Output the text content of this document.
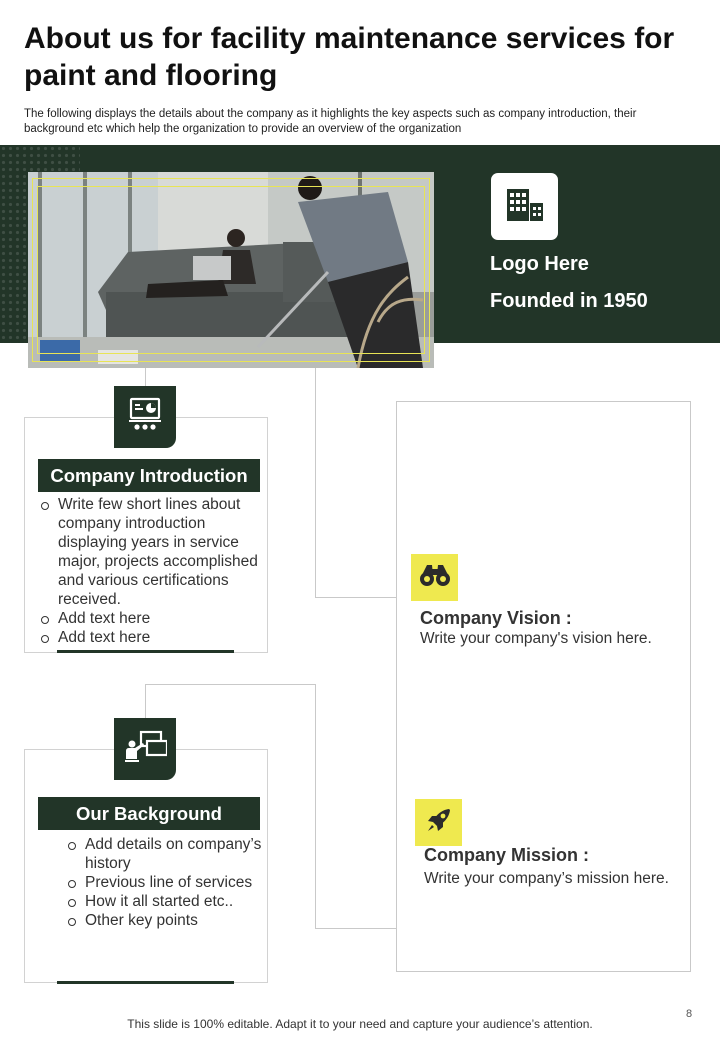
About us for facility maintenance services for paint and flooring
The following displays the details about the company as it highlights the key aspects such as company introduction, their background etc which help the organization to provide an overview of the organization
Logo Here
Founded in 1950
Company Introduction
Write few short lines about company introduction displaying years in service major, projects accomplished and various certifications received.
Add text here
Add text here
Our Background
Add details on company’s history
Previous line of services
How it all started etc..
Other key points
Company Vision :
Write your company's vision here.
Company Mission :
Write your company’s mission here.
8
This slide is 100% editable. Adapt it to your need and capture your audience’s attention.
